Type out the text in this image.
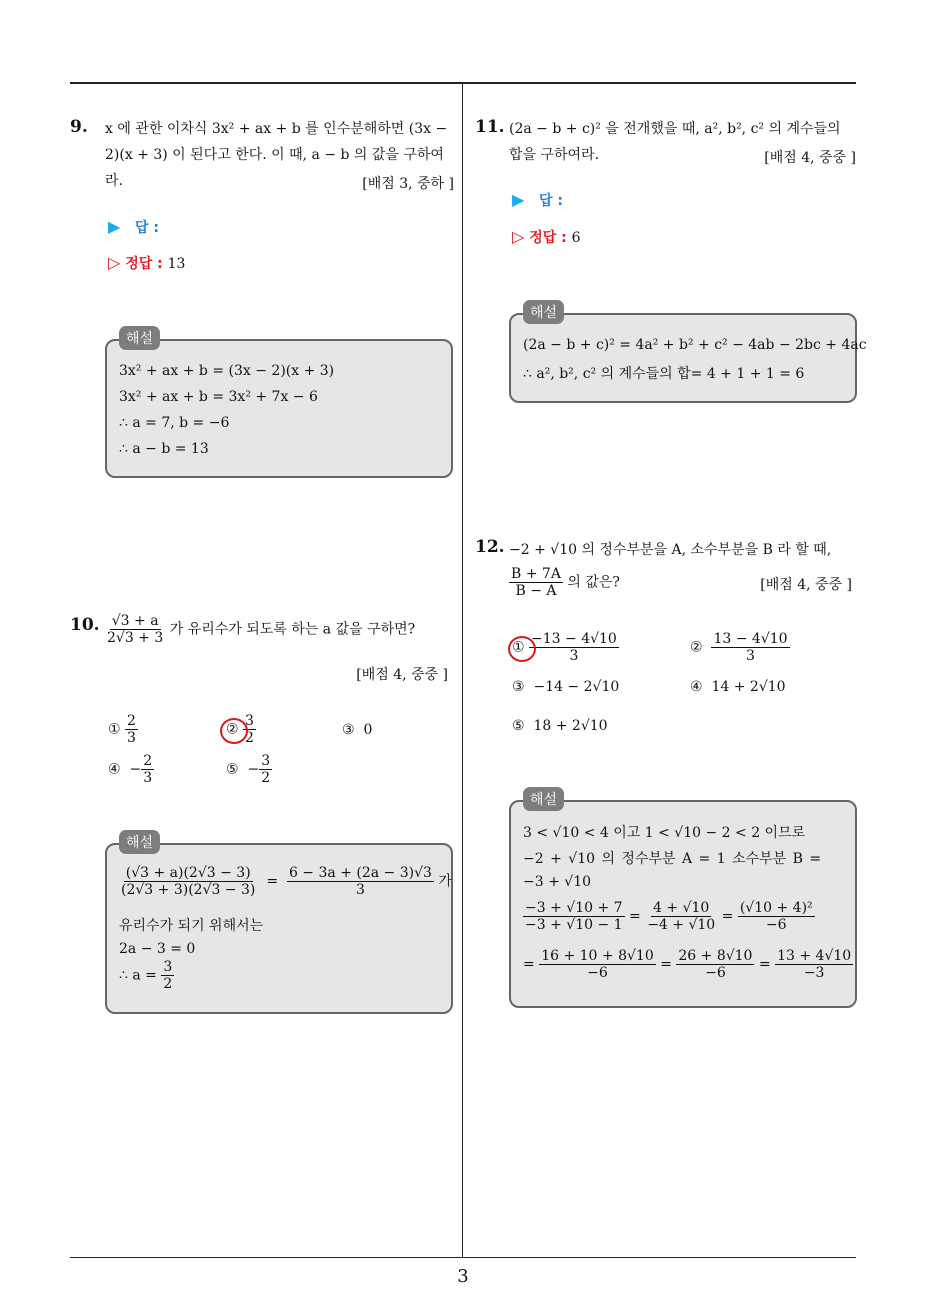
9.	x 에 관한 이차식 3x² + ax + b 를 인수분해하면 (3x −
2)(x + 3) 이 된다고 한다. 이 때, a − b 의 값을 구하여
라.	[배점 3, 중하 ]
▶ 답 :
▷ 정답 : 13
해설
3x² + ax + b = (3x − 2)(x + 3)
3x² + ax + b = 3x² + 7x − 6
∴ a = 7, b = −6
∴ a − b = 13
10. $\frac{√3 + a}{2√3 + 3}$ 가 유리수가 되도록 하는 a 값을 구하면?
[배점 4, 중중 ]
① $\frac{2}{3}$	② $\frac{3}{2}$	③ 0
④ − $\frac{2}{3}$	⑤ − $\frac{3}{2}$
해설
$\frac{(√3 + a)(2√3 - 3)}{(2√3 + 3)(2√3 - 3)} = \frac{6 - 3a + (2a - 3)√3}{3}$ 가
유리수가 되기 위해서는
2a − 3 = 0
∴ $a = \frac{3}{2}$
11. (2a − b + c)² 을 전개했을 때, a², b², c² 의 계수들의
합을 구하여라.	[배점 4, 중중 ]
▶ 답 :
▷ 정답 : 6
해설
(2a − b + c)² = 4a² + b² + c² − 4ab − 2bc + 4ac
∴ a², b², c² 의 계수들의 합= 4 + 1 + 1 = 6
12. −2 + √10 의 정수부분을 A, 소수부분을 B 라 할 때,
$\frac{B + 7A}{B - A}$ 의 값은?	[배점 4, 중중 ]
① $\frac{-13 - 4√10}{3}$	② $\frac{13 - 4√10}{3}$
③ −14 − 2√10	④ 14 + 2√10
⑤ 18 + 2√10
해설
3 < √10 < 4 이고 1 < √10 − 2 < 2 이므로
−2 + √10 의 정수부분 A = 1 소수부분 B =
−3 + √10
$\frac{-3 + √10 + 7}{-3 + √10 - 1} = \frac{4 + √10}{-4 + √10} = \frac{\text{(√10 + 4)²}}{-6}$
= $\frac{16 + 10 + 8√10}{-6} = \frac{26 + 8√10}{-6} = \frac{13 + 4√10}{-3}$
3
